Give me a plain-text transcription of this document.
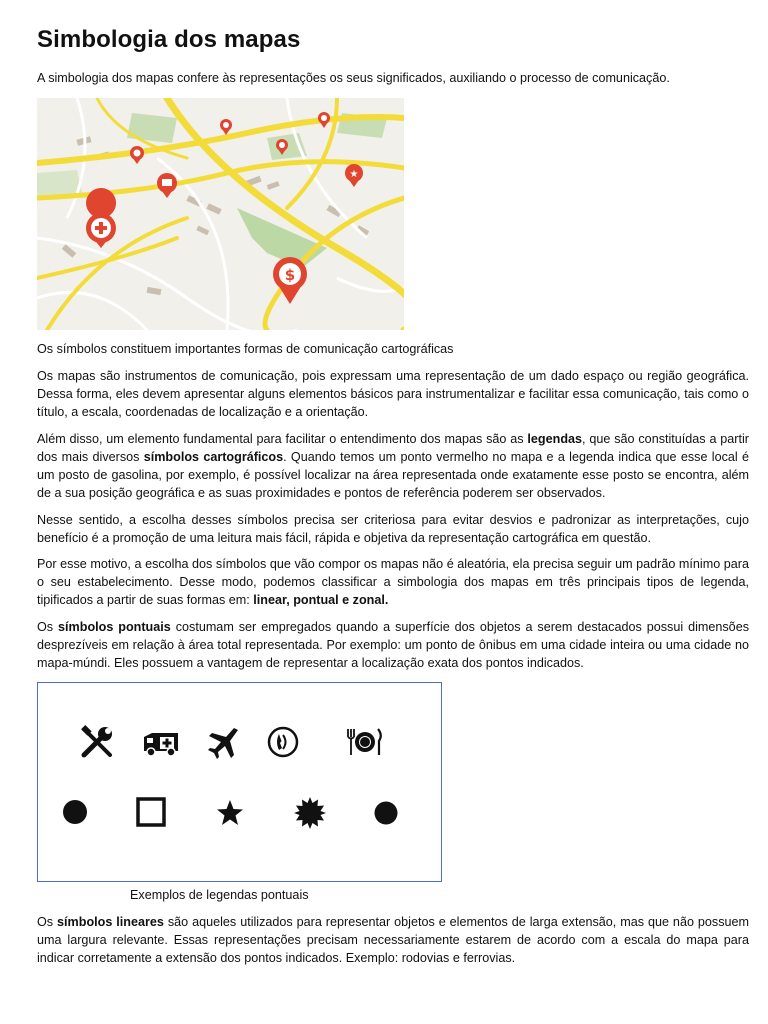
Simbologia dos mapas

A simbologia dos mapas confere às representações os seus significados, auxiliando o processo de comunicação.

$
★
Os símbolos constituem importantes formas de comunicação cartográficas

Os mapas são instrumentos de comunicação, pois expressam uma representação de um dado espaço ou região geográfica. Dessa forma, eles devem apresentar alguns elementos básicos para instrumentalizar e facilitar essa comunicação, tais como o título, a escala, coordenadas de localização e a orientação.

Além disso, um elemento fundamental para facilitar o entendimento dos mapas são as legendas, que são constituídas a partir dos mais diversos símbolos cartográficos. Quando temos um ponto vermelho no mapa e a legenda indica que esse local é um posto de gasolina, por exemplo, é possível localizar na área representada onde exatamente esse posto se encontra, além de a sua posição geográfica e as suas proximidades e pontos de referência poderem ser observados.

Nesse sentido, a escolha desses símbolos precisa ser criteriosa para evitar desvios e padronizar as interpretações, cujo benefício é a promoção de uma leitura mais fácil, rápida e objetiva da representação cartográfica em questão.

Por esse motivo, a escolha dos símbolos que vão compor os mapas não é aleatória, ela precisa seguir um padrão mínimo para o seu estabelecimento. Desse modo, podemos classificar a simbologia dos mapas em três principais tipos de legenda, tipificados a partir de suas formas em: linear, pontual e zonal.

Os símbolos pontuais costumam ser empregados quando a superfície dos objetos a serem destacados possui dimensões desprezíveis em relação à área total representada. Por exemplo: um ponto de ônibus em uma cidade inteira ou uma cidade no mapa-múndi. Eles possuem a vantagem de representar a localização exata dos pontos indicados.

Exemplos de legendas pontuais

Os símbolos lineares são aqueles utilizados para representar objetos e elementos de larga extensão, mas que não possuem uma largura relevante. Essas representações precisam necessariamente estarem de acordo com a escala do mapa para indicar corretamente a extensão dos pontos indicados. Exemplo: rodovias e ferrovias.
